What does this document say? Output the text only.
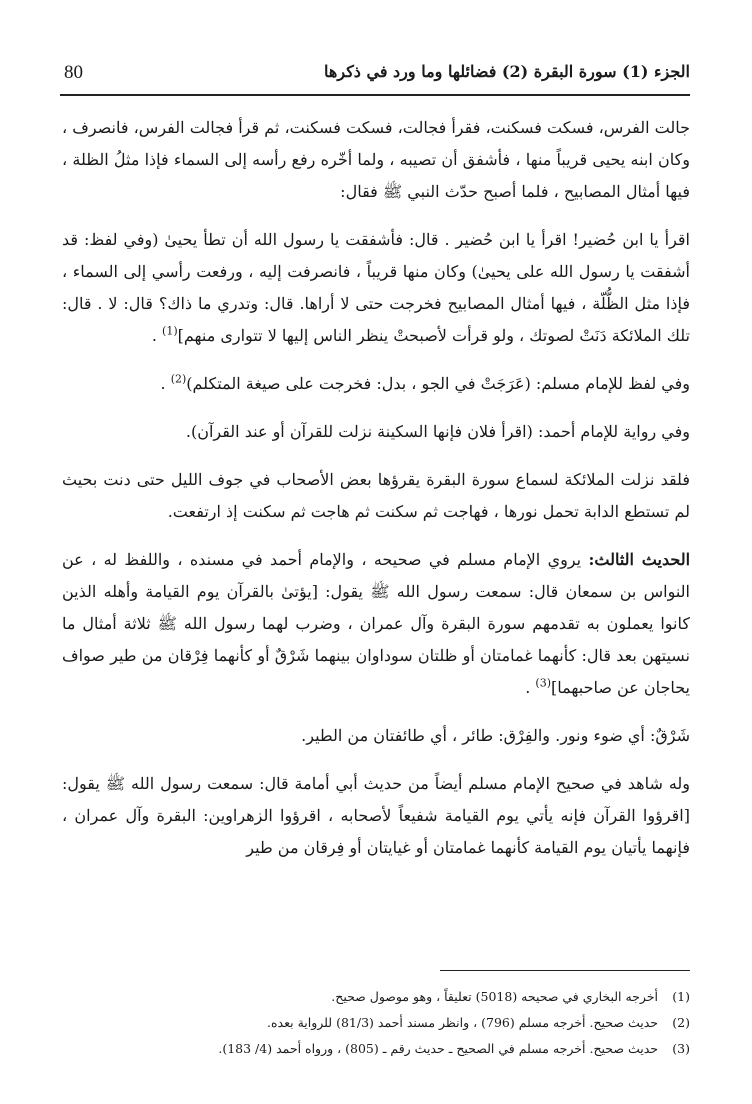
80	الجزء (1) سورة البقرة (2) فضائلها وما ورد في ذكرها

جالت الفرس، فسكت فسكنت، فقرأ فجالت، فسكت فسكنت، ثم قرأ فجالت الفرس، فانصرف ، وكان ابنه يحيى قريباً منها ، فأشفق أن تصيبه ، ولما أخّره رفع رأسه إلى السماء فإذا مثلُ الظلة ، فيها أمثال المصابيح ، فلما أصبح حدّث النبي ﷺ فقال:

اقرأ يا ابن حُضير! اقرأ يا ابن حُضير . قال: فأشفقت يا رسول الله أن تطأ يحيىٰ (وفي لفظ: قد أشفقت يا رسول الله على يحيىٰ) وكان منها قريباً ، فانصرفت إليه ، ورفعت رأسي إلى السماء ، فإذا مثل الظُّلّة ، فيها أمثال المصابيح فخرجت حتى لا أراها. قال: وتدري ما ذاك؟ قال: لا . قال: تلك الملائكة دَنَتْ لصوتك ، ولو قرأت لأصبحتْ ينظر الناس إليها لا تتوارى منهم]$^{(1)}$ .

وفي لفظ للإمام مسلم: (عَرَجَتْ في الجو ، بدل: فخرجت على صيغة المتكلم)$^{(2)}$ .

وفي رواية للإمام أحمد: (اقرأ فلان فإنها السكينة نزلت للقرآن أو عند القرآن).

فلقد نزلت الملائكة لسماع سورة البقرة يقرؤها بعض الأصحاب في جوف الليل حتى دنت بحيث لم تستطع الدابة تحمل نورها ، فهاجت ثم سكنت ثم هاجت ثم سكنت إذ ارتفعت.

الحديث الثالث: يروي الإمام مسلم في صحيحه ، والإمام أحمد في مسنده ، واللفظ له ، عن النواس بن سمعان قال: سمعت رسول الله ﷺ يقول: [يؤتىٰ بالقرآن يوم القيامة وأهله الذين كانوا يعملون به تقدمهم سورة البقرة وآل عمران ، وضرب لهما رسول الله ﷺ ثلاثة أمثال ما نسيتهن بعد قال: كأنهما غمامتان أو ظلتان سوداوان بينهما شَرْقٌ أو كأنهما فِرْقان من طير صواف يحاجان عن صاحبهما]$^{(3)}$ .

شَرْقٌ: أي ضوء ونور. والفِرْق: طائر ، أي طائفتان من الطير.

وله شاهد في صحيح الإمام مسلم أيضاً من حديث أبي أمامة قال: سمعت رسول الله ﷺ يقول: [اقرؤوا القرآن فإنه يأتي يوم القيامة شفيعاً لأصحابه ، اقرؤوا الزهراوين: البقرة وآل عمران ، فإنهما يأتيان يوم القيامة كأنهما غمامتان أو غيايتان أو فِرقان من طير

(1)
أخرجه البخاري في صحيحه (5018) تعليقاً ، وهو موصول صحيح.
(2)
حديث صحيح. أخرجه مسلم (796) ، وانظر مسند أحمد (81/3) للرواية بعده.
(3)
حديث صحيح. أخرجه مسلم في الصحيح ـ حديث رقم ـ (805) ، ورواه أحمد (4/ 183).
